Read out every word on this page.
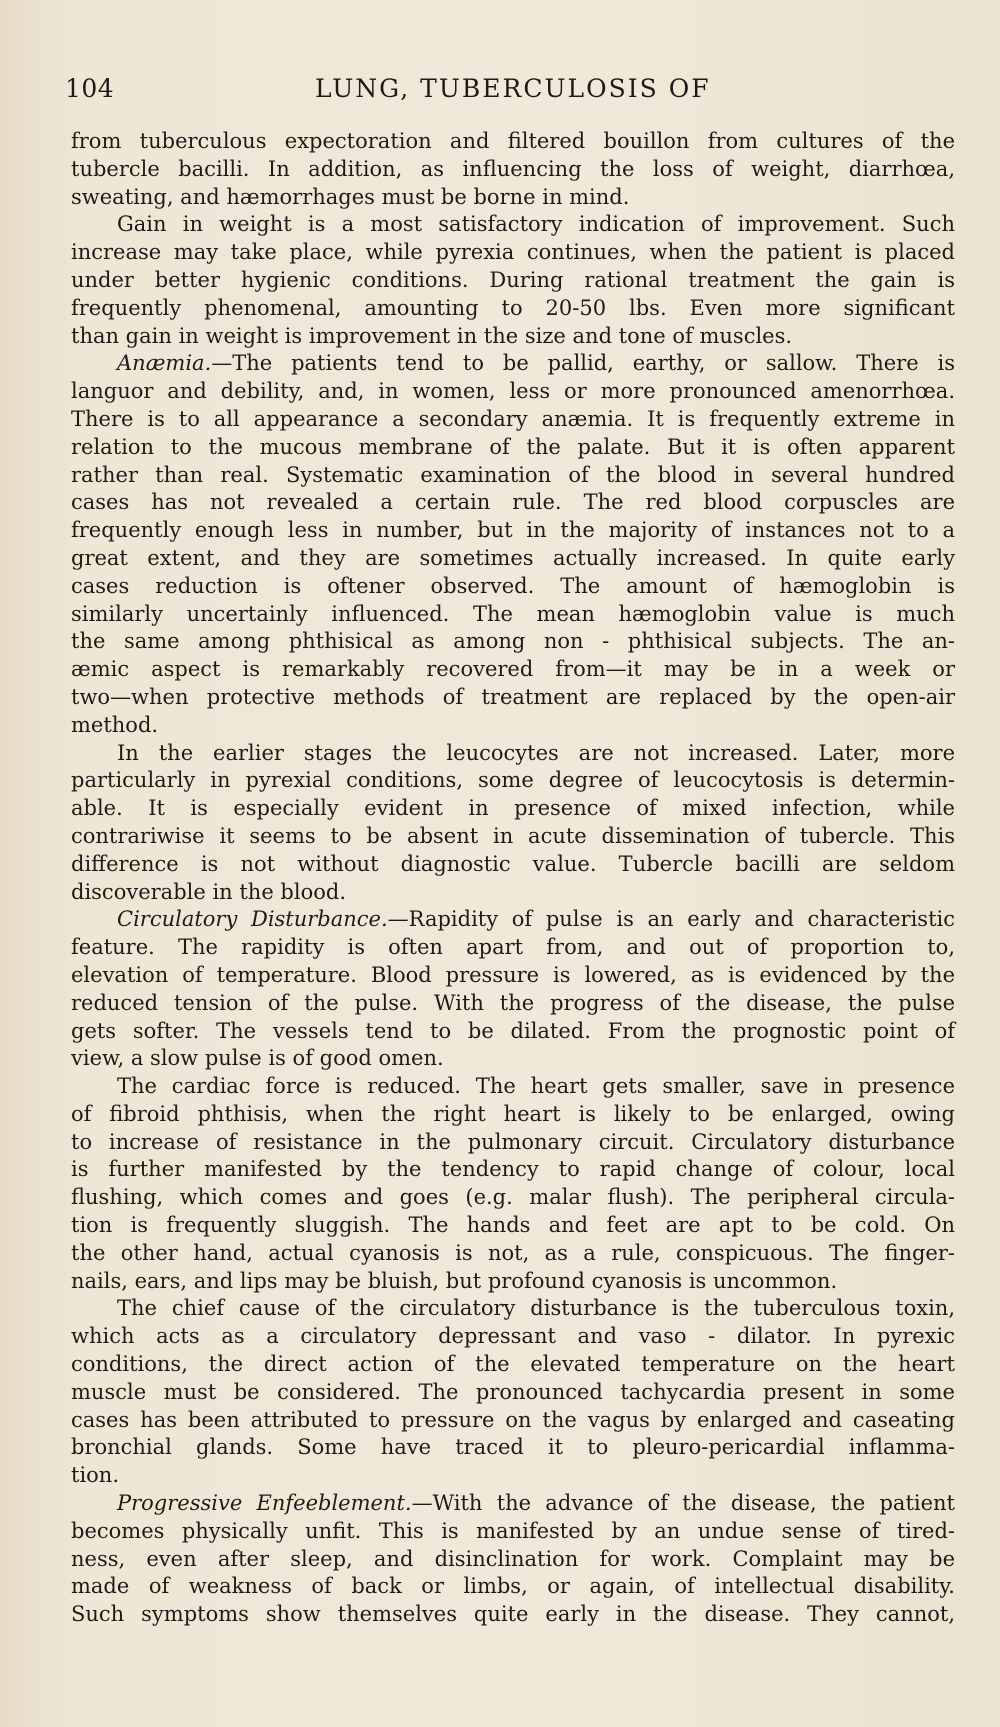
104	LUNG, TUBERCULOSIS OF
from tuberculous expectoration and filtered bouillon from cultures of the
tubercle bacilli. In addition, as influencing the loss of weight, diarrhœa,
sweating, and hæmorrhages must be borne in mind.
Gain in weight is a most satisfactory indication of improvement. Such
increase may take place, while pyrexia continues, when the patient is placed
under better hygienic conditions. During rational treatment the gain is
frequently phenomenal, amounting to 20-50 lbs. Even more significant
than gain in weight is improvement in the size and tone of muscles.
Anæmia.—The patients tend to be pallid, earthy, or sallow. There is
languor and debility, and, in women, less or more pronounced amenorrhœa.
There is to all appearance a secondary anæmia. It is frequently extreme in
relation to the mucous membrane of the palate. But it is often apparent
rather than real. Systematic examination of the blood in several hundred
cases has not revealed a certain rule. The red blood corpuscles are
frequently enough less in number, but in the majority of instances not to a
great extent, and they are sometimes actually increased. In quite early
cases reduction is oftener observed. The amount of hæmoglobin is
similarly uncertainly influenced. The mean hæmoglobin value is much
the same among phthisical as among non - phthisical subjects. The an-
æmic aspect is remarkably recovered from—it may be in a week or
two—when protective methods of treatment are replaced by the open-air
method.
In the earlier stages the leucocytes are not increased. Later, more
particularly in pyrexial conditions, some degree of leucocytosis is determin-
able. It is especially evident in presence of mixed infection, while
contrariwise it seems to be absent in acute dissemination of tubercle. This
difference is not without diagnostic value. Tubercle bacilli are seldom
discoverable in the blood.
Circulatory Disturbance.—Rapidity of pulse is an early and characteristic
feature. The rapidity is often apart from, and out of proportion to,
elevation of temperature. Blood pressure is lowered, as is evidenced by the
reduced tension of the pulse. With the progress of the disease, the pulse
gets softer. The vessels tend to be dilated. From the prognostic point of
view, a slow pulse is of good omen.
The cardiac force is reduced. The heart gets smaller, save in presence
of fibroid phthisis, when the right heart is likely to be enlarged, owing
to increase of resistance in the pulmonary circuit. Circulatory disturbance
is further manifested by the tendency to rapid change of colour, local
flushing, which comes and goes (e.g. malar flush). The peripheral circula-
tion is frequently sluggish. The hands and feet are apt to be cold. On
the other hand, actual cyanosis is not, as a rule, conspicuous. The finger-
nails, ears, and lips may be bluish, but profound cyanosis is uncommon.
The chief cause of the circulatory disturbance is the tuberculous toxin,
which acts as a circulatory depressant and vaso - dilator. In pyrexic
conditions, the direct action of the elevated temperature on the heart
muscle must be considered. The pronounced tachycardia present in some
cases has been attributed to pressure on the vagus by enlarged and caseating
bronchial glands. Some have traced it to pleuro-pericardial inflamma-
tion.
Progressive Enfeeblement.—With the advance of the disease, the patient
becomes physically unfit. This is manifested by an undue sense of tired-
ness, even after sleep, and disinclination for work. Complaint may be
made of weakness of back or limbs, or again, of intellectual disability.
Such symptoms show themselves quite early in the disease. They cannot,
